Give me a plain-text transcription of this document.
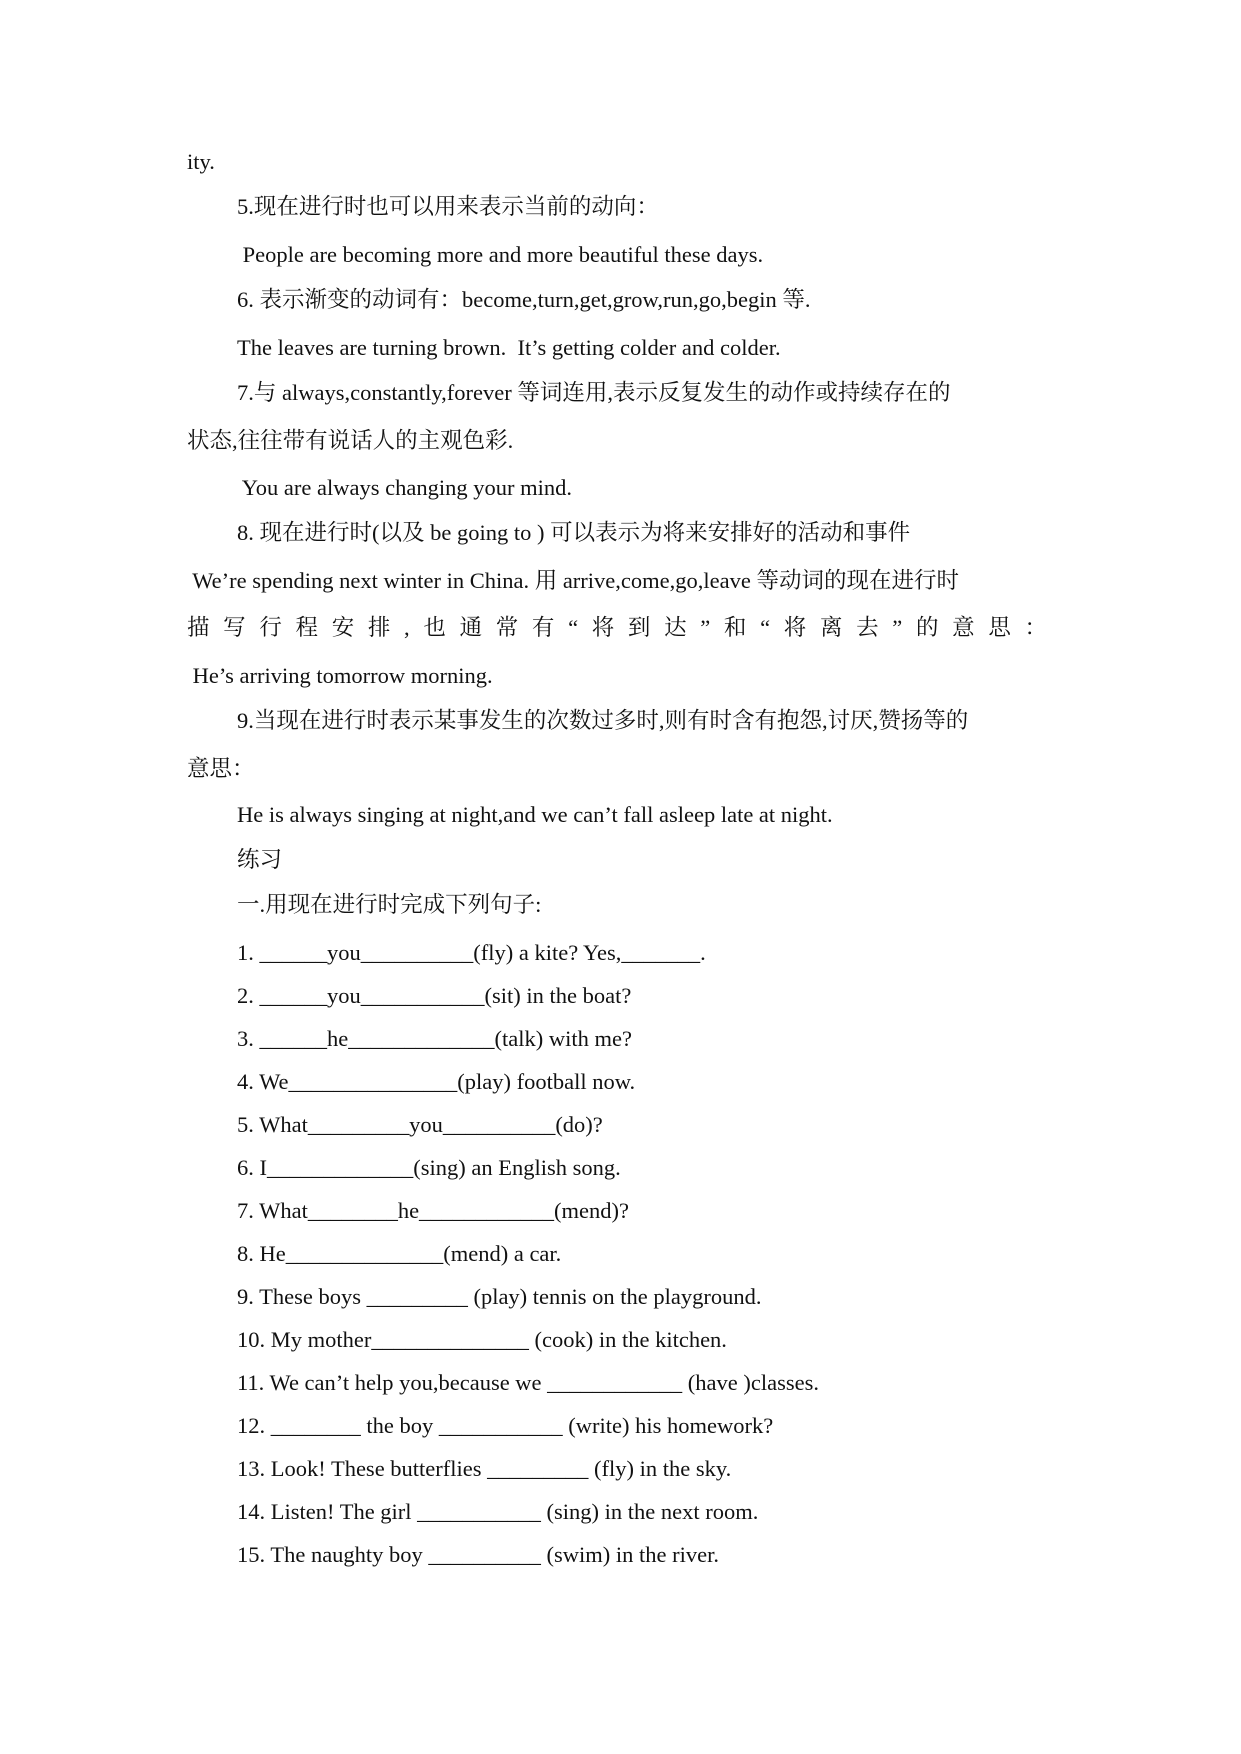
ity.
5.现在进行时也可以用来表示当前的动向：
People are becoming more and more beautiful these days.
6. 表示渐变的动词有：become,turn,get,grow,run,go,begin 等.
The leaves are turning brown.  It’s getting colder and colder.
7.与 always,constantly,forever 等词连用,表示反复发生的动作或持续存在的
状态,往往带有说话人的主观色彩.
You are always changing your mind.
8. 现在进行时(以及 be going to ) 可以表示为将来安排好的活动和事件
We’re spending next winter in China. 用 arrive,come,go,leave 等动词的现在进行时
描写行程安排,也通常有“将到达”和“将离去”的意思：
He’s arriving tomorrow morning.
9.当现在进行时表示某事发生的次数过多时,则有时含有抱怨,讨厌,赞扬等的
意思：
He is always singing at night,and we can’t fall asleep late at night.
练习
一.用现在进行时完成下列句子:
1. ______you__________(fly) a kite? Yes,_______.
2. ______you___________(sit) in the boat?
3. ______he_____________(talk) with me?
4. We_______________(play) football now.
5. What_________you__________(do)?
6. I_____________(sing) an English song.
7. What________he____________(mend)?
8. He______________(mend) a car.
9. These boys _________ (play) tennis on the playground.
10. My mother______________ (cook) in the kitchen.
11. We can’t help you,because we ____________ (have )classes.
12. ________ the boy ___________ (write) his homework?
13. Look! These butterflies _________ (fly) in the sky.
14. Listen! The girl ___________ (sing) in the next room.
15. The naughty boy __________ (swim) in the river.
